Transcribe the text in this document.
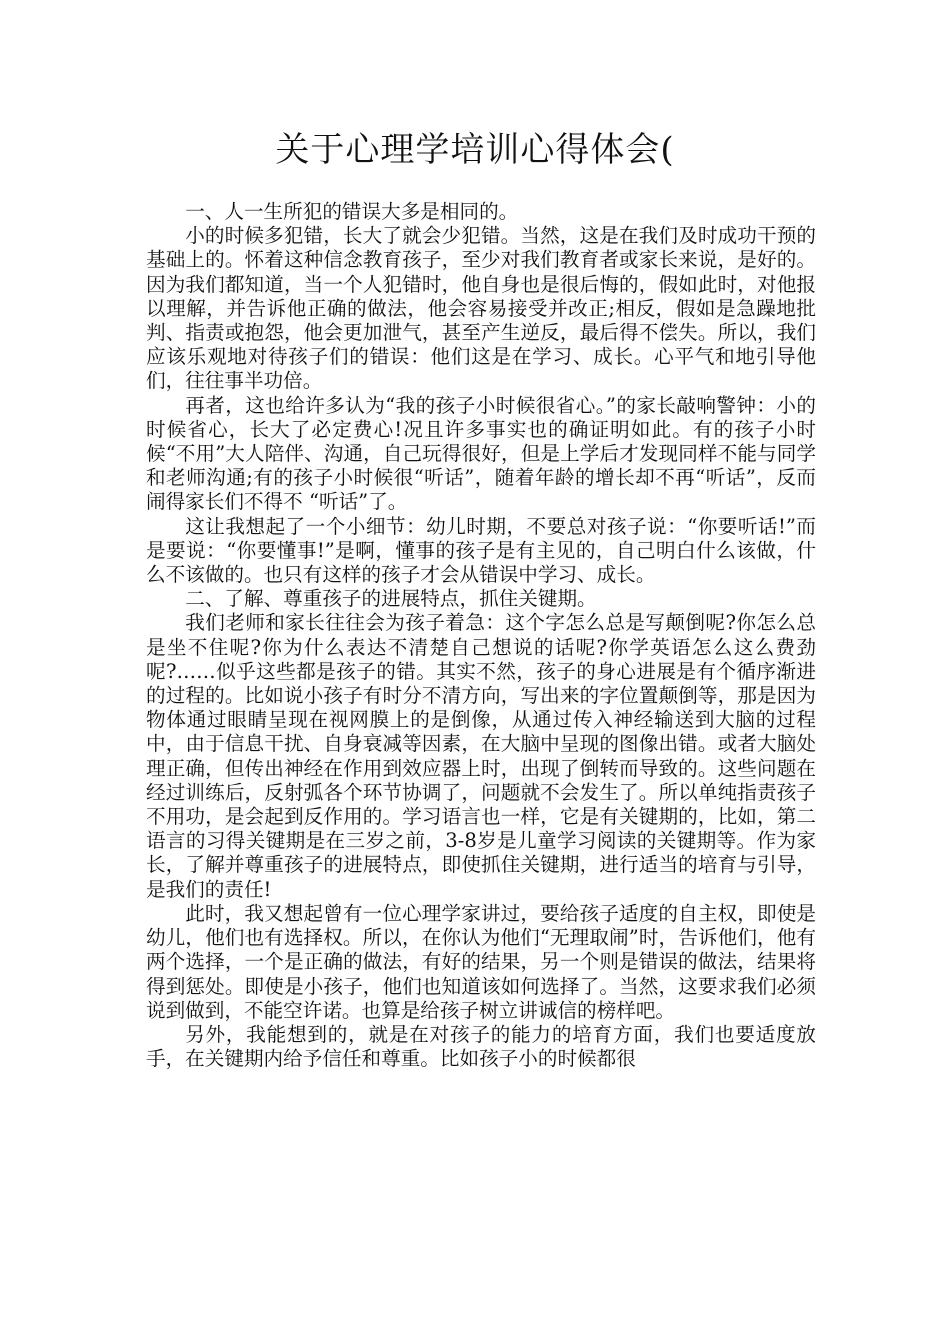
关于心理学培训心得体会(

一、人一生所犯的错误大多是相同的。

小的时候多犯错，长大了就会少犯错。当然，这是在我们及时成功干预的基础上的。怀着这种信念教育孩子，至少对我们教育者或家长来说，是好的。因为我们都知道，当一个人犯错时，他自身也是很后悔的，假如此时，对他报以理解，并告诉他正确的做法，他会容易接受并改正;相反，假如是急躁地批判、指责或抱怨，他会更加泄气，甚至产生逆反，最后得不偿失。所以，我们应该乐观地对待孩子们的错误：他们这是在学习、成长。心平气和地引导他们，往往事半功倍。

再者，这也给许多认为“我的孩子小时候很省心。”的家长敲响警钟：小的时候省心，长大了必定费心!况且许多事实也的确证明如此。有的孩子小时候“不用”大人陪伴、沟通，自己玩得很好，但是上学后才发现同样不能与同学和老师沟通;有的孩子小时候很“听话”，随着年龄的增长却不再“听话”，反而闹得家长们不得不 “听话”了。

这让我想起了一个小细节：幼儿时期，不要总对孩子说：“你要听话!”而是要说：“你要懂事!”是啊，懂事的孩子是有主见的，自己明白什么该做，什么不该做的。也只有这样的孩子才会从错误中学习、成长。

二、了解、尊重孩子的进展特点，抓住关键期。

我们老师和家长往往会为孩子着急：这个字怎么总是写颠倒呢?你怎么总是坐不住呢?你为什么表达不清楚自己想说的话呢?你学英语怎么这么费劲呢?……似乎这些都是孩子的错。其实不然，孩子的身心进展是有个循序渐进的过程的。比如说小孩子有时分不清方向，写出来的字位置颠倒等，那是因为物体通过眼睛呈现在视网膜上的是倒像，从通过传入神经输送到大脑的过程中，由于信息干扰、自身衰减等因素，在大脑中呈现的图像出错。或者大脑处理正确，但传出神经在作用到效应器上时，出现了倒转而导致的。这些问题在经过训练后，反射弧各个环节协调了，问题就不会发生了。所以单纯指责孩子不用功，是会起到反作用的。学习语言也一样，它是有关键期的，比如，第二语言的习得关键期是在三岁之前，3-8岁是儿童学习阅读的关键期等。作为家长，了解并尊重孩子的进展特点，即使抓住关键期，进行适当的培育与引导，是我们的责任!

此时，我又想起曾有一位心理学家讲过，要给孩子适度的自主权，即使是幼儿，他们也有选择权。所以，在你认为他们“无理取闹”时，告诉他们，他有两个选择，一个是正确的做法，有好的结果，另一个则是错误的做法，结果将得到惩处。即使是小孩子，他们也知道该如何选择了。当然，这要求我们必须说到做到，不能空许诺。也算是给孩子树立讲诚信的榜样吧。

另外，我能想到的，就是在对孩子的能力的培育方面，我们也要适度放手，在关键期内给予信任和尊重。比如孩子小的时候都很
